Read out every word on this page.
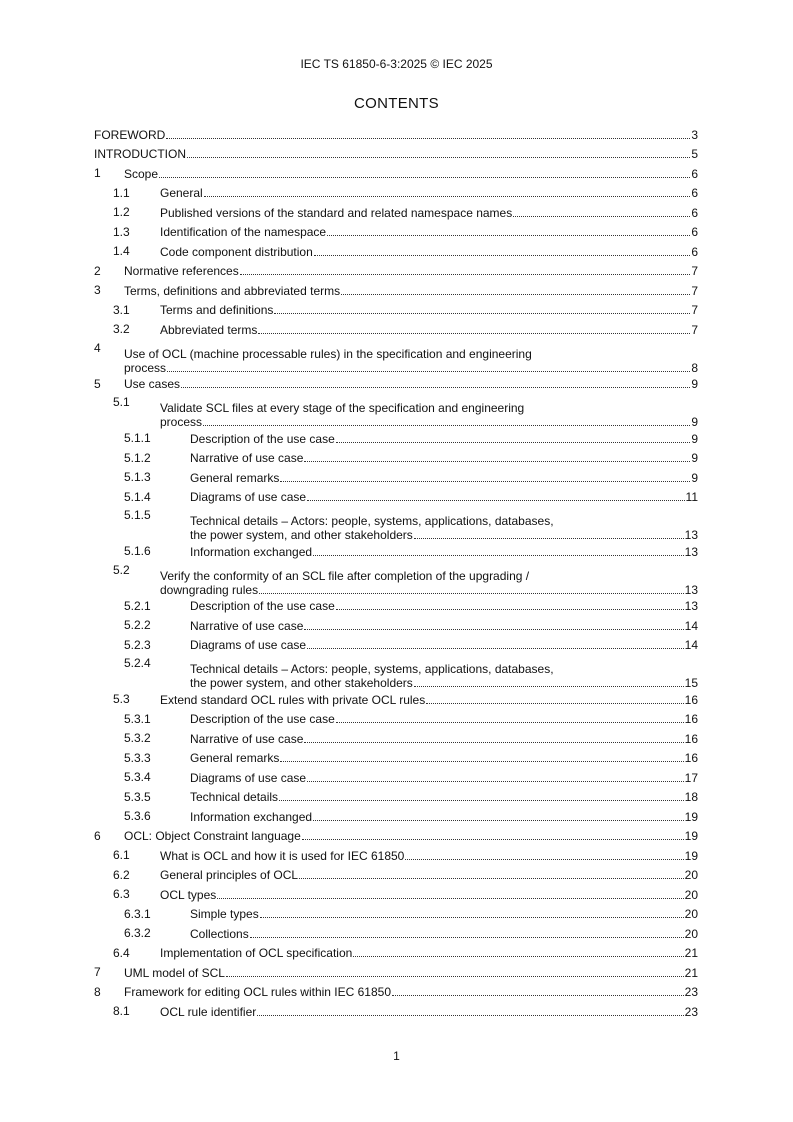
IEC TS 61850-6-3:2025 © IEC 2025
CONTENTS
FOREWORD	3
INTRODUCTION	5
1 Scope	6
1.1	General	6
1.2	Published versions of the standard and related namespace names	6
1.3	Identification of the namespace	6
1.4	Code component distribution	6
2 Normative references	7
3 Terms, definitions and abbreviated terms	7
3.1	Terms and definitions	7
3.2	Abbreviated terms	7
4 Use of OCL (machine processable rules) in the specification and engineering
process	8
5 Use cases	9
5.1	Validate SCL files at every stage of the specification and engineering
process	9
5.1.1	Description of the use case	9
5.1.2	Narrative of use case	9
5.1.3	General remarks	9
5.1.4	Diagrams of use case	11
5.1.5	Technical details – Actors: people, systems, applications, databases,
the power system, and other stakeholders	13
5.1.6	Information exchanged	13
5.2	Verify the conformity of an SCL file after completion of the upgrading /
downgrading rules	13
5.2.1	Description of the use case	13
5.2.2	Narrative of use case	14
5.2.3	Diagrams of use case	14
5.2.4	Technical details – Actors: people, systems, applications, databases,
the power system, and other stakeholders	15
5.3	Extend standard OCL rules with private OCL rules	16
5.3.1	Description of the use case	16
5.3.2	Narrative of use case	16
5.3.3	General remarks	16
5.3.4	Diagrams of use case	17
5.3.5	Technical details	18
5.3.6	Information exchanged	19
6 OCL: Object Constraint language	19
6.1	What is OCL and how it is used for IEC 61850	19
6.2	General principles of OCL	20
6.3	OCL types	20
6.3.1	Simple types	20
6.3.2	Collections	20
6.4	Implementation of OCL specification	21
7 UML model of SCL	21
8 Framework for editing OCL rules within IEC 61850	23
8.1	OCL rule identifier	23
1
